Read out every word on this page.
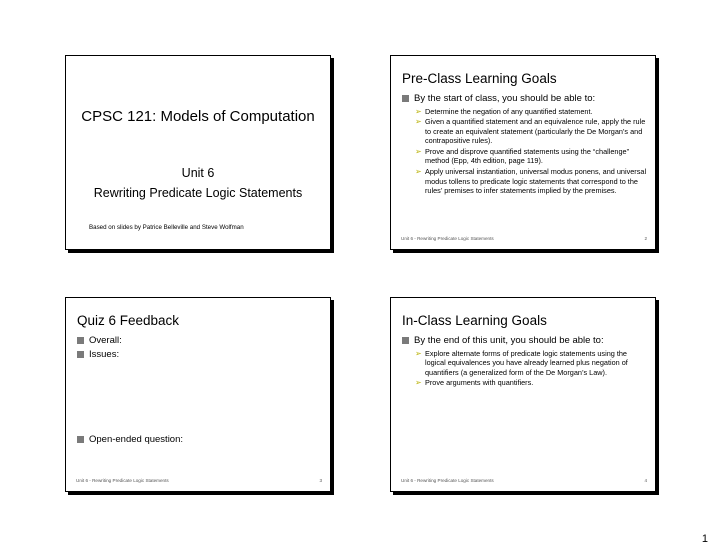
CPSC 121: Models of Computation
Unit 6
Rewriting Predicate Logic Statements
Based on slides by Patrice Belleville and Steve Wolfman
Pre-Class Learning Goals
By the start of class, you should be able to:
➢ Determine the negation of any quantified statement.
➢ Given a quantified statement and an equivalence rule, apply the rule to create an equivalent statement (particularly the De Morgan’s and contrapositive rules).
➢ Prove and disprove quantified statements using the “challenge” method (Epp, 4th edition, page 119).
➢ Apply universal instantiation, universal modus ponens, and universal modus tollens to predicate logic statements that correspond to the rules’ premises to infer statements implied by the premises.
Unit 6 - Rewriting Predicate Logic Statements	2
Quiz 6 Feedback
Overall:
Issues:
Open-ended question:
Unit 6 - Rewriting Predicate Logic Statements	3
In-Class Learning Goals
By the end of this unit, you should be able to:
➢ Explore alternate forms of predicate logic statements using the logical equivalences you have already learned plus negation of quantifiers (a generalized form of the De Morgan’s Law).
➢ Prove arguments with quantifiers.
Unit 6 - Rewriting Predicate Logic Statements	4
1
